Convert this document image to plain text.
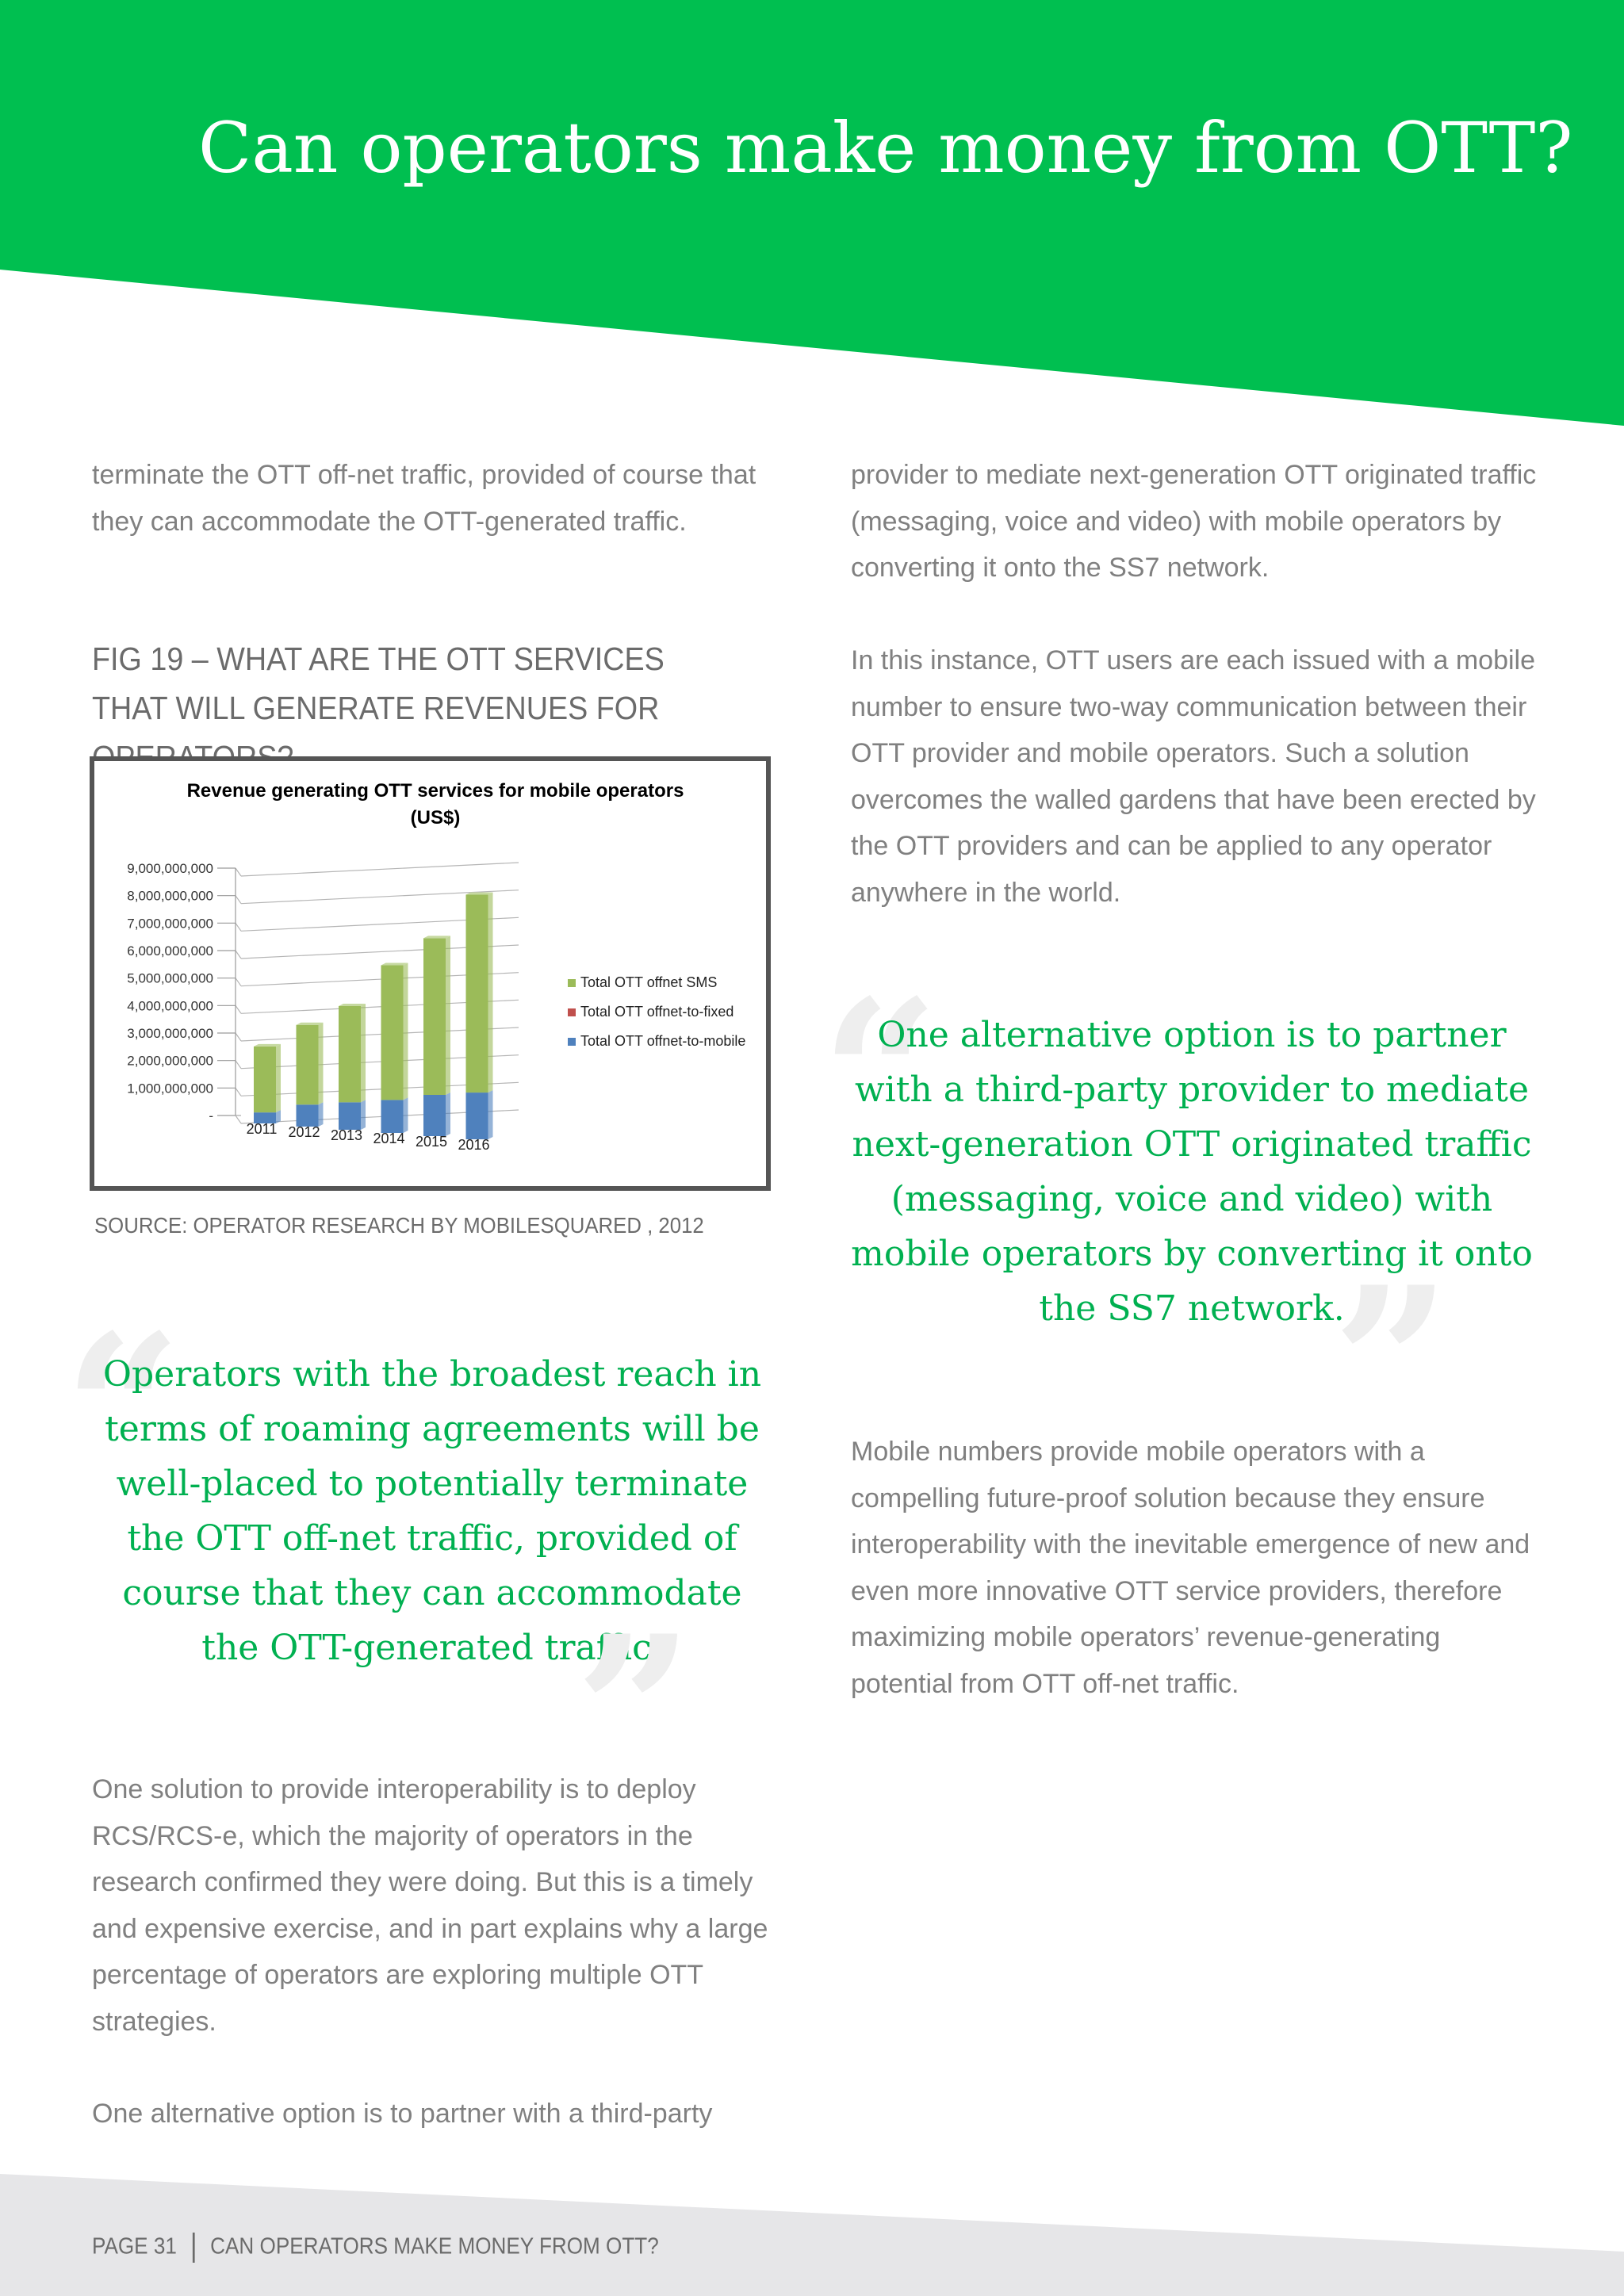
Can operators make money from OTT?

terminate the OTT off-net traffic, provided of course that they can accommodate the OTT-generated traffic.

FIG 19 – WHAT ARE THE OTT SERVICES THAT WILL GENERATE REVENUES FOR
Revenue generating OTT services for mobile operators
(US$)
-
1,000,000,000
2,000,000,000
3,000,000,000
4,000,000,000
5,000,000,000
6,000,000,000
7,000,000,000
8,000,000,000
9,000,000,000
2011 2012 2013 2014 2015 2016
Total OTT offnet SMS
Total OTT offnet-to-fixed
Total OTT offnet-to-mobile

SOURCE: OPERATOR RESEARCH BY MOBILESQUARED , 2012

“

Operators with the broadest reach in terms of roaming agreements will be well-placed to potentially terminate the OTT off-net traffic, provided of course that they can accommodate the OTT-generated traffic.

”

One solution to provide interoperability is to deploy RCS/RCS-e, which the majority of operators in the research confirmed they were doing. But this is a timely and expensive exercise, and in part explains why a large percentage of operators are exploring multiple OTT strategies.

One alternative option is to partner with a third-party

provider to mediate next-generation OTT originated traffic (messaging, voice and video) with mobile operators by converting it onto the SS7 network.

In this instance, OTT users are each issued with a mobile number to ensure two-way communication between their OTT provider and mobile operators. Such a solution overcomes the walled gardens that have been erected by the OTT providers and can be applied to any operator anywhere in the world.

“

One alternative option is to partner with a third-party provider to mediate next-generation OTT originated traffic (messaging, voice and video) with mobile operators by converting it onto the SS7 network.

”

Mobile numbers provide mobile operators with a compelling future-proof solution because they ensure interoperability with the inevitable emergence of new and even more innovative OTT service providers, therefore maximizing mobile operators’ revenue-generating potential from OTT off-net traffic.

PAGE 31 CAN OPERATORS MAKE MONEY FROM OTT?
